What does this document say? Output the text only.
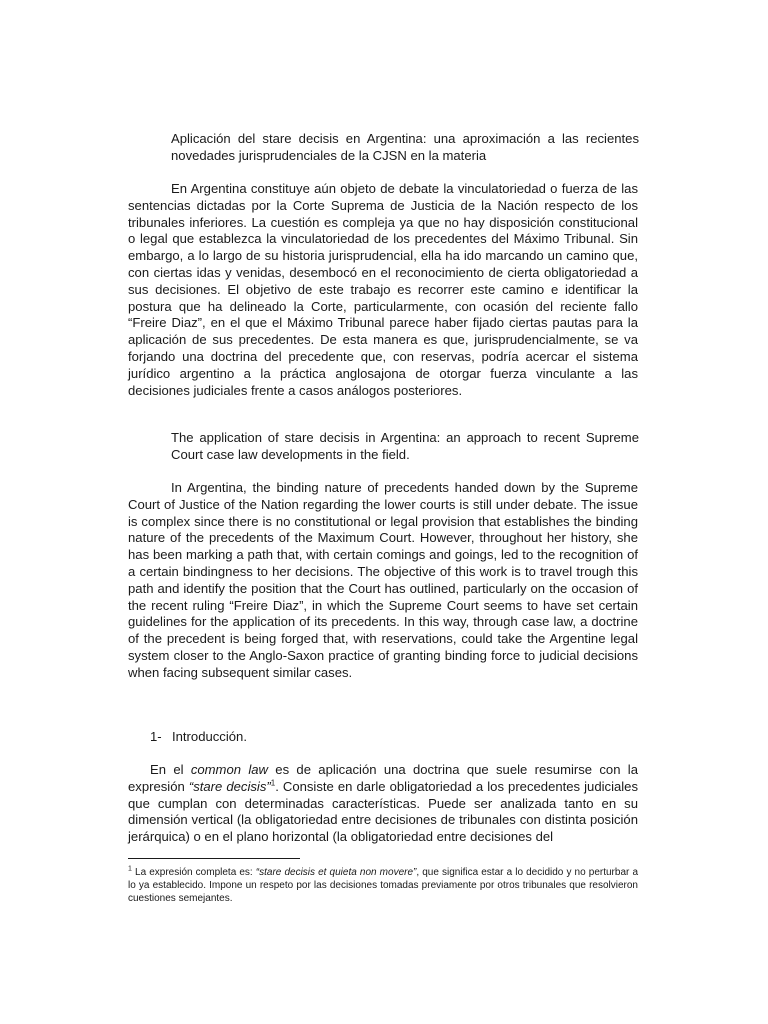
Aplicación del stare decisis en Argentina: una aproximación a las recientes novedades jurisprudenciales de la CJSN en la materia

En Argentina constituye aún objeto de debate la vinculatoriedad o fuerza de las sentencias dictadas por la Corte Suprema de Justicia de la Nación respecto de los tribunales inferiores. La cuestión es compleja ya que no hay disposición constitucional o legal que establezca la vinculatoriedad de los precedentes del Máximo Tribunal. Sin embargo, a lo largo de su historia jurisprudencial, ella ha ido marcando un camino que, con ciertas idas y venidas, desembocó en el reconocimiento de cierta obligatoriedad a sus decisiones. El objetivo de este trabajo es recorrer este camino e identificar la postura que ha delineado la Corte, particularmente, con ocasión del reciente fallo “Freire Diaz”, en el que el Máximo Tribunal parece haber fijado ciertas pautas para la aplicación de sus precedentes. De esta manera es que, jurisprudencialmente, se va forjando una doctrina del precedente que, con reservas, podría acercar el sistema jurídico argentino a la práctica anglosajona de otorgar fuerza vinculante a las decisiones judiciales frente a casos análogos posteriores.

The application of stare decisis in Argentina: an approach to recent Supreme Court case law developments in the field.

In Argentina, the binding nature of precedents handed down by the Supreme Court of Justice of the Nation regarding the lower courts is still under debate. The issue is complex since there is no constitutional or legal provision that establishes the binding nature of the precedents of the Maximum Court. However, throughout her history, she has been marking a path that, with certain comings and goings, led to the recognition of a certain bindingness to her decisions. The objective of this work is to travel trough this path and identify the position that the Court has outlined, particularly on the occasion of the recent ruling “Freire Diaz”, in which the Supreme Court seems to have set certain guidelines for the application of its precedents. In this way, through case law, a doctrine of the precedent is being forged that, with reservations, could take the Argentine legal system closer to the Anglo-Saxon practice of granting binding force to judicial decisions when facing subsequent similar cases.

1- Introducción.

En el common law es de aplicación una doctrina que suele resumirse con la expresión “stare decisis”$^1$. Consiste en darle obligatoriedad a los precedentes judiciales que cumplan con determinadas características. Puede ser analizada tanto en su dimensión vertical (la obligatoriedad entre decisiones de tribunales con distinta posición jerárquica) o en el plano horizontal (la obligatoriedad entre decisiones del

$^1$ La expresión completa es: “stare decisis et quieta non movere”, que significa estar a lo decidido y no perturbar a lo ya establecido. Impone un respeto por las decisiones tomadas previamente por otros tribunales que resolvieron cuestiones semejantes.
